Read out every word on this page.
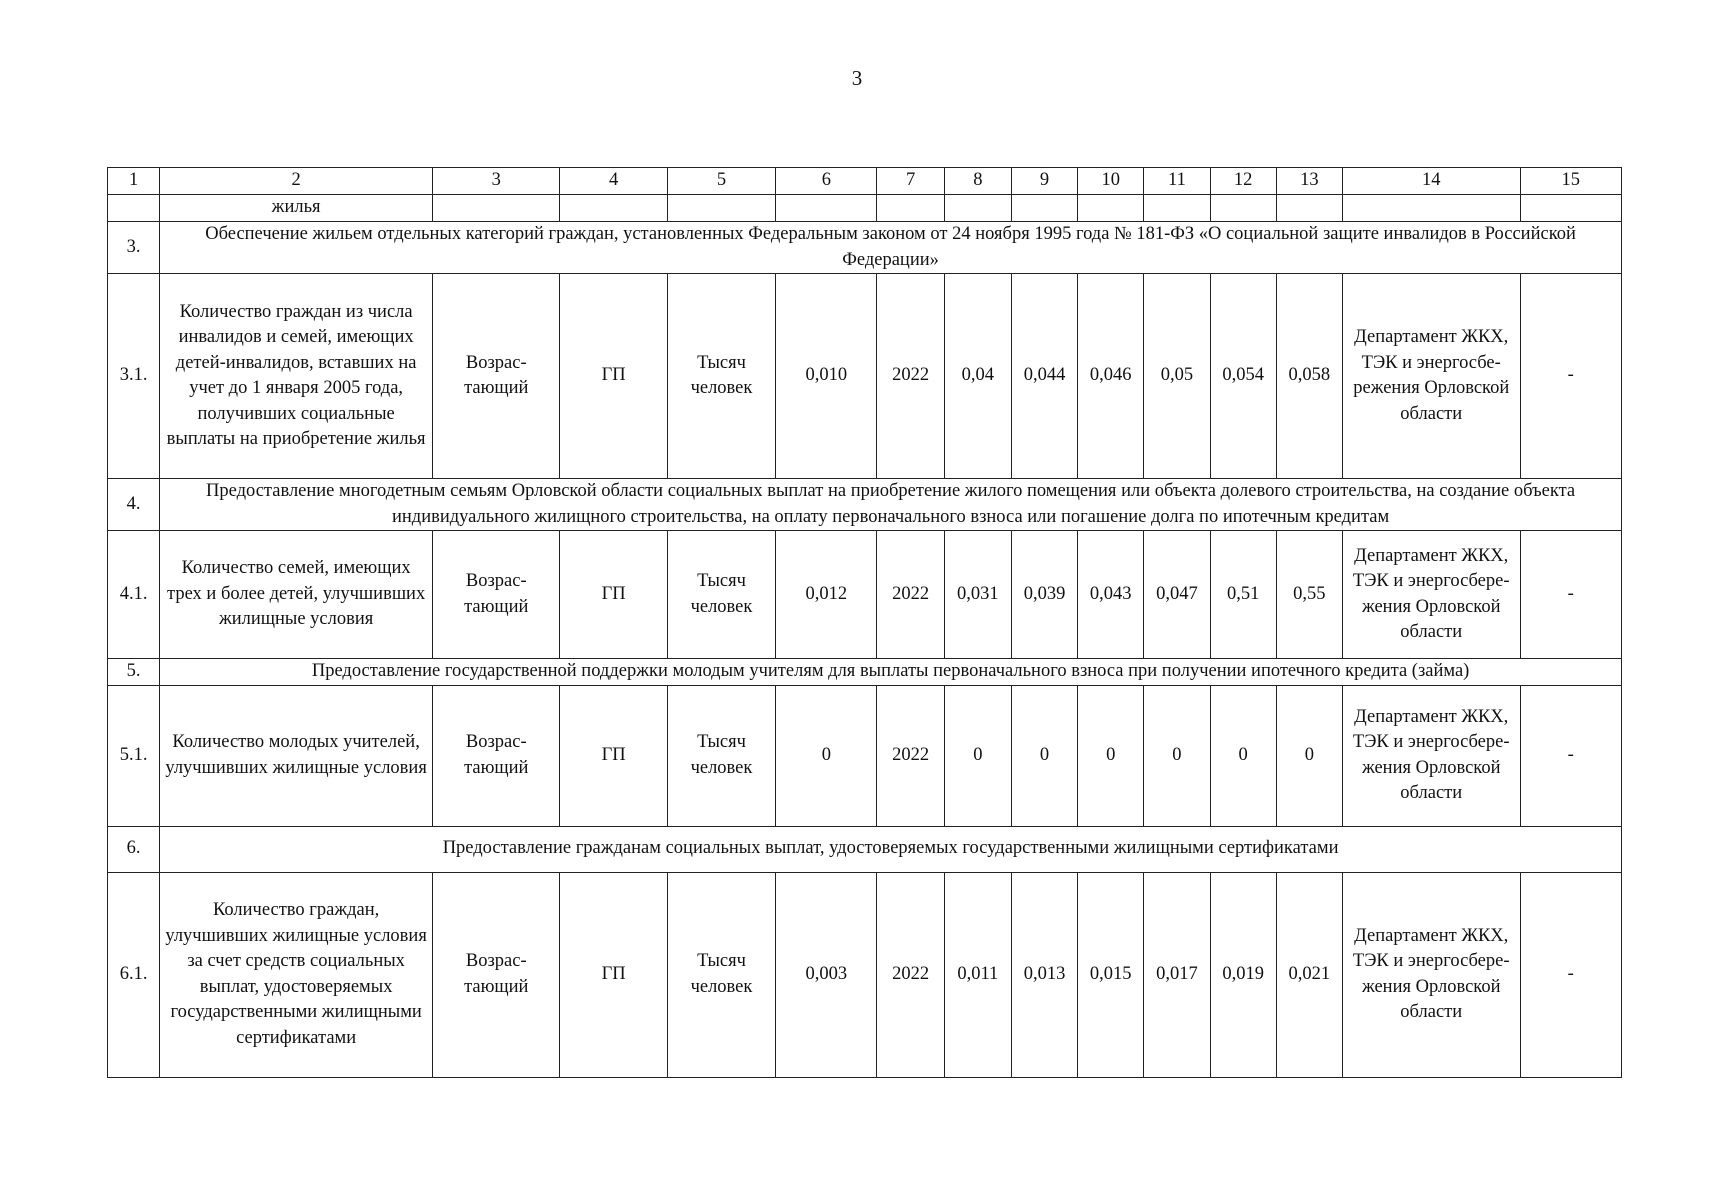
3
1	2	3	4	5	6	7	8	9	10	11	12	13	14	15
	жилья													
3.	Обеспечение жильем отдельных категорий граждан, установленных Федеральным законом от 24 ноября 1995 года № 181-ФЗ «О социальной защите инвалидов в Российской Федерации»													
3.1.	Количество граждан из числа инвалидов и семей, имеющих детей-инвалидов, вставших на учет до 1 января 2005 года, получивших социальные выплаты на приобретение жилья	Возрас-тающий	ГП	Тысяч человек	0,010	2022	0,04	0,044	0,046	0,05	0,054	0,058	Департамент ЖКХ, ТЭК и энергосбе-режения Орловской области	-
4.	Предоставление многодетным семьям Орловской области социальных выплат на приобретение жилого помещения или объекта долевого строительства, на создание объекта индивидуального жилищного строительства, на оплату первоначального взноса или погашение долга по ипотечным кредитам													
4.1.	Количество семей, имеющих трех и более детей, улучшивших жилищные условия	Возрас-тающий	ГП	Тысяч человек	0,012	2022	0,031	0,039	0,043	0,047	0,51	0,55	Департамент ЖКХ, ТЭК и энергосбере-жения Орловской области	-
5.	Предоставление государственной поддержки молодым учителям для выплаты первоначального взноса при получении ипотечного кредита (займа)													
5.1.	Количество молодых учителей, улучшивших жилищные условия	Возрас-тающий	ГП	Тысяч человек	0	2022	0	0	0	0	0	0	Департамент ЖКХ, ТЭК и энергосбере-жения Орловской области	-
6.	Предоставление гражданам социальных выплат, удостоверяемых государственными жилищными сертификатами													
6.1.	Количество граждан, улучшивших жилищные условия за счет средств социальных выплат, удостоверяемых государственными жилищными сертификатами	Возрас-тающий	ГП	Тысяч человек	0,003	2022	0,011	0,013	0,015	0,017	0,019	0,021	Департамент ЖКХ, ТЭК и энергосбере-жения Орловской области	-
